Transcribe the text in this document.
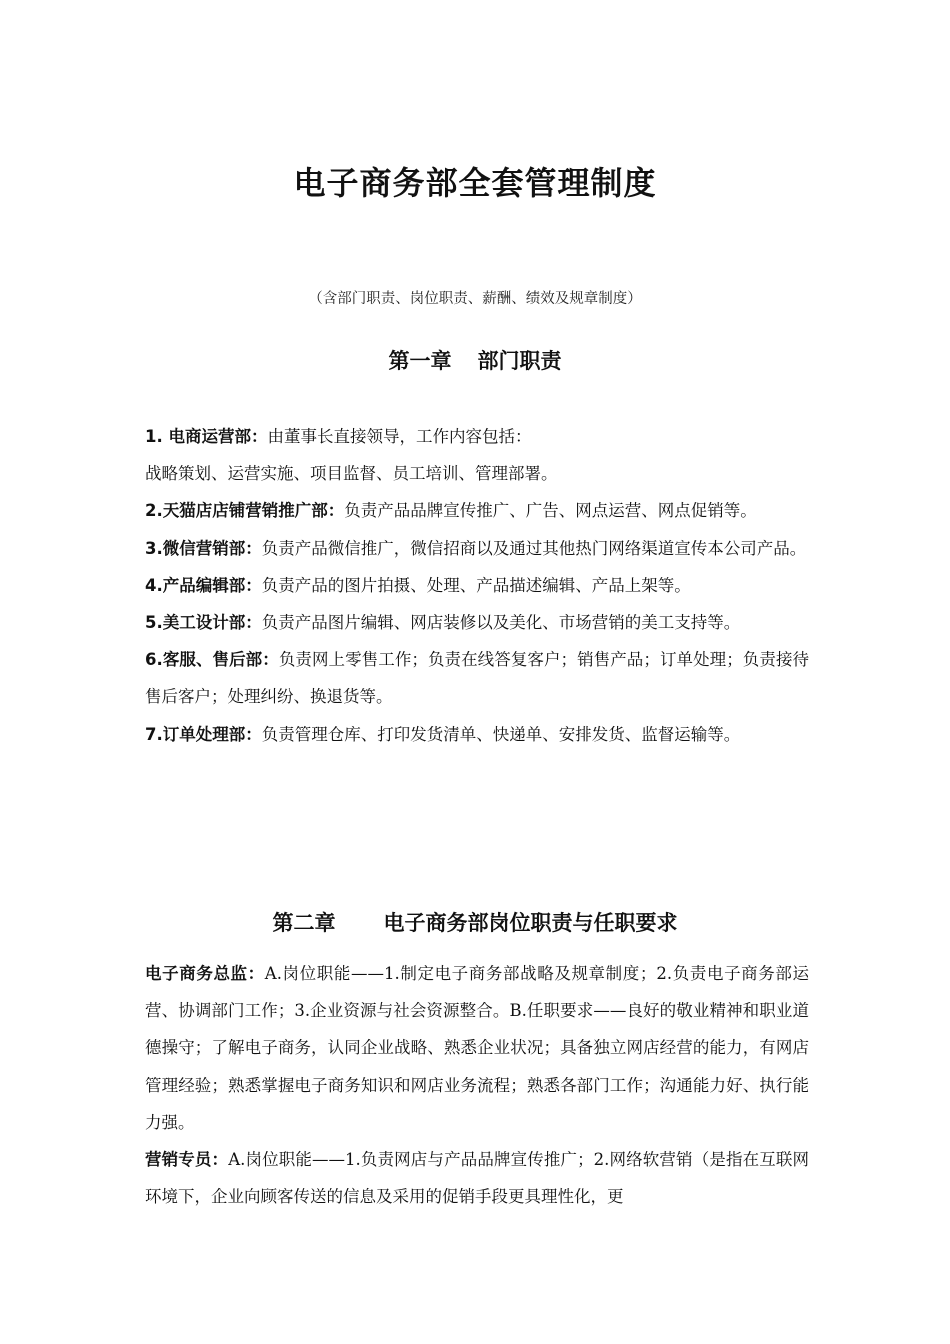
电子商务部全套管理制度

（含部门职责、岗位职责、薪酬、绩效及规章制度）

第一章 部门职责

1. 电商运营部：由董事长直接领导，工作内容包括：

战略策划、运营实施、项目监督、员工培训、管理部署。

2.天猫店店铺营销推广部：负责产品品牌宣传推广、广告、网点运营、网点促销等。

3.微信营销部：负责产品微信推广，微信招商以及通过其他热门网络渠道宣传本公司产品。

4.产品编辑部：负责产品的图片拍摄、处理、产品描述编辑、产品上架等。

5.美工设计部：负责产品图片编辑、网店装修以及美化、市场营销的美工支持等。

6.客服、售后部：负责网上零售工作；负责在线答复客户；销售产品；订单处理；负责接待售后客户；处理纠纷、换退货等。

7.订单处理部：负责管理仓库、打印发货清单、快递单、安排发货、监督运输等。

第二章 电子商务部岗位职责与任职要求

电子商务总监：A.岗位职能——1.制定电子商务部战略及规章制度；2.负责电子商务部运营、协调部门工作；3.企业资源与社会资源整合。B.任职要求——良好的敬业精神和职业道德操守；了解电子商务，认同企业战略、熟悉企业状况；具备独立网店经营的能力，有网店管理经验；熟悉掌握电子商务知识和网店业务流程；熟悉各部门工作；沟通能力好、执行能力强。

营销专员：A.岗位职能——1.负责网店与产品品牌宣传推广；2.网络软营销（是指在互联网环境下，企业向顾客传送的信息及采用的促销手段更具理性化，更
